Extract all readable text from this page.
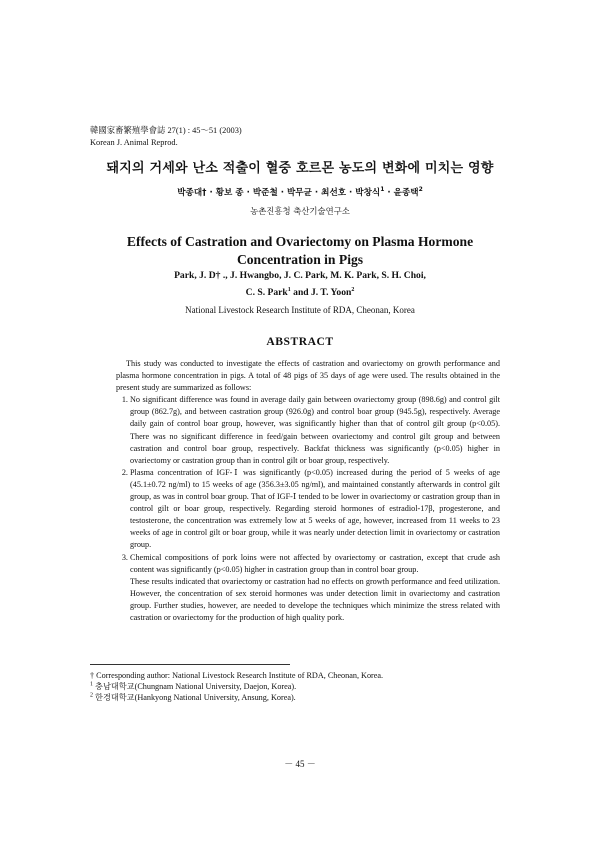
韓國家畜繁殖學會誌 27(1) : 45～51 (2003)
Korean J. Animal Reprod.
돼지의 거세와 난소 적출이 혈중 호르몬 농도의 변화에 미치는 영향
박종대† · 황보 종 · 박준철 · 박무균 · 최선호 · 박창식$^1$ · 윤종택$^2$
농촌진흥청 축산기술연구소
Effects of Castration and Ovariectomy on Plasma Hormone
Concentration in Pigs
Park, J. D† ., J. Hwangbo, J. C. Park, M. K. Park, S. H. Choi,
C. S. Park$^1$ and J. T. Yoon$^2$
National Livestock Research Institute of RDA, Cheonan, Korea
ABSTRACT

This study was conducted to investigate the effects of castration and ovariectomy on growth performance and plasma hormone concentration in pigs. A total of 48 pigs of 35 days of age were used. The results obtained in the present study are summarized as follows:

1. No significant difference was found in average daily gain between ovariectomy group (898.6g) and control gilt group (862.7g), and between castration group (926.0g) and control boar group (945.5g), respectively. Average daily gain of control boar group, however, was significantly higher than that of control gilt group (p<0.05). There was no significant difference in feed/gain between ovariectomy and control gilt group and between castration and control boar group, respectively. Backfat thickness was significantly (p<0.05) higher in ovariectomy or castration group than in control gilt or boar group, respectively.
2. Plasma concentration of IGF-Ⅰ was significantly (p<0.05) increased during the period of 5 weeks of age (45.1±0.72 ng/ml) to 15 weeks of age (356.3±3.05 ng/ml), and maintained constantly afterwards in control gilt group, as was in control boar group. That of IGF-Ⅰ tended to be lower in ovariectomy or castration group than in control gilt or boar group, respectively. Regarding steroid hormones of estradiol-17β, progesterone, and testosterone, the concentration was extremely low at 5 weeks of age, however, increased from 11 weeks to 23 weeks of age in control gilt or boar group, while it was nearly under detection limit in ovariectomy or castration group.
3. Chemical compositions of pork loins were not affected by ovariectomy or castration, except that crude ash content was significantly (p<0.05) higher in castration group than in control boar group.

These results indicated that ovariectomy or castration had no effects on growth performance and feed utilization. However, the concentration of sex steroid hormones was under detection limit in ovariectomy and castration group. Further studies, however, are needed to develope the techniques which minimize the stress related with castration or ovariectomy for the production of high quality pork.

† Corresponding author: National Livestock Research Institute of RDA, Cheonan, Korea.
$^1$ 충남대학교(Chungnam National University, Daejon, Korea).
$^2$ 한경대학교(Hankyong National University, Ansung, Korea).
－ 45 －
